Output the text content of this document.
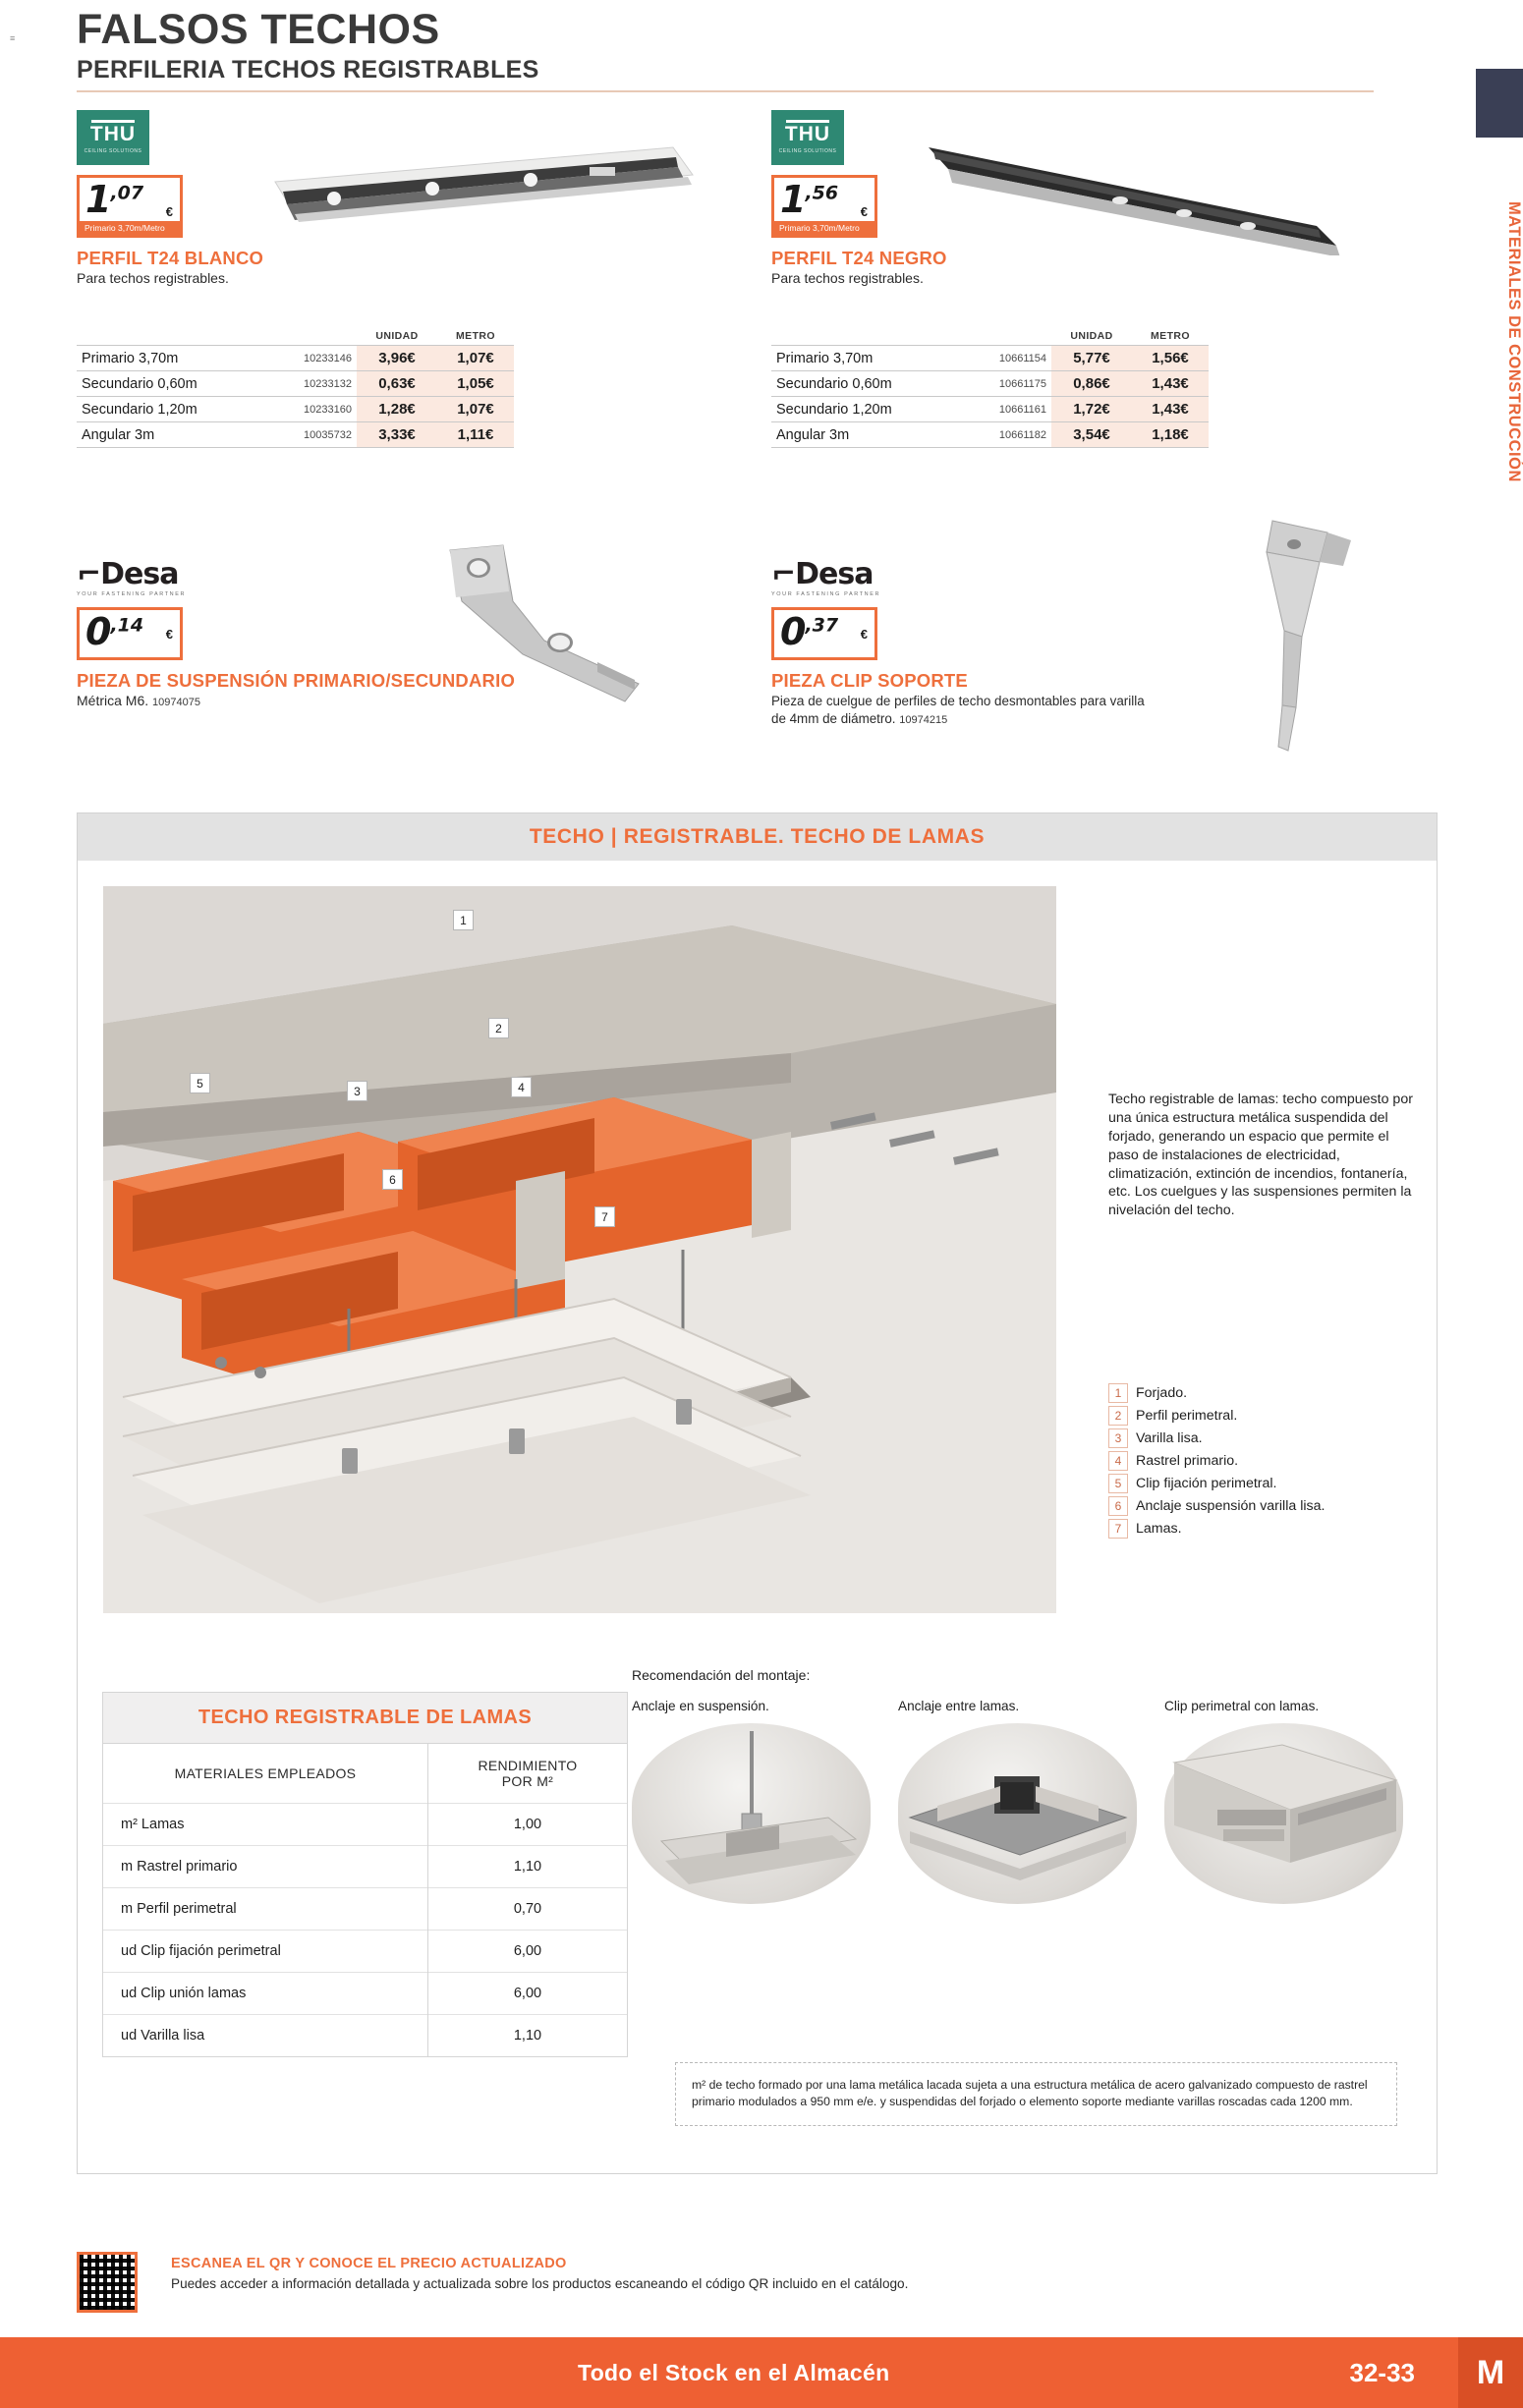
≡
MATERIALES DE CONSTRUCCIÓN
FALSOS TECHOS
PERFILERIA TECHOS REGISTRABLES
THU
CEILING SOLUTIONS
$1^{,07}$
€
Primario 3,70m/Metro
PERFIL T24 BLANCO
Para techos registrables.
		UNIDAD	METRO
Primario 3,70m	10233146	3,96€	1,07€
Secundario 0,60m	10233132	0,63€	1,05€
Secundario 1,20m	10233160	1,28€	1,07€
Angular 3m	10035732	3,33€	1,11€
THU
CEILING SOLUTIONS
$1^{,56}$
€
Primario 3,70m/Metro
PERFIL T24 NEGRO
Para techos registrables.
		UNIDAD	METRO
Primario 3,70m	10661154	5,77€	1,56€
Secundario 0,60m	10661175	0,86€	1,43€
Secundario 1,20m	10661161	1,72€	1,43€
Angular 3m	10661182	3,54€	1,18€
⌐Desa
YOUR FASTENING PARTNER
$0^{,14}$	€
PIEZA DE SUSPENSIÓN PRIMARIO/SECUNDARIO
Métrica M6. 10974075
⌐Desa
YOUR FASTENING PARTNER
$0^{,37}$	€
PIEZA CLIP SOPORTE
Pieza de cuelgue de perfiles de techo desmontables para varilla
de 4mm de diámetro. 10974215
TECHO | REGISTRABLE. TECHO DE LAMAS
1
2
3	4
5
6
7
Techo registrable de lamas: techo compuesto por una única estructura metálica suspendida del forjado, generando un espacio que permite el paso de instalaciones de electricidad, climatización, extinción de incendios, fontanería, etc. Los cuelgues y las suspensiones permiten la nivelación del techo.
1	Forjado.
2	Perfil perimetral.
3	Varilla lisa.
4	Rastrel primario.
5	Clip fijación perimetral.
6	Anclaje suspensión varilla lisa.
7	Lamas.
TECHO REGISTRABLE DE LAMAS
MATERIALES EMPLEADOS	RENDIMIENTO
POR M²
m² Lamas	1,00
m Rastrel primario	1,10
m Perfil perimetral	0,70
ud Clip fijación perimetral	6,00
ud Clip unión lamas	6,00
ud Varilla lisa	1,10
Recomendación del montaje:
Anclaje en suspensión.	Anclaje entre lamas.	Clip perimetral con lamas.
m² de techo formado por una lama metálica lacada sujeta a una estructura metálica de acero galvanizado compuesto de rastrel primario modulados a 950 mm e/e. y suspendidas del forjado o elemento soporte mediante varillas roscadas cada 1200 mm.
ESCANEA EL QR Y CONOCE EL PRECIO ACTUALIZADO
Puedes acceder a información detallada y actualizada sobre los productos escaneando el código QR incluido en el catálogo.
Todo el Stock en el Almacén	32-33	M
